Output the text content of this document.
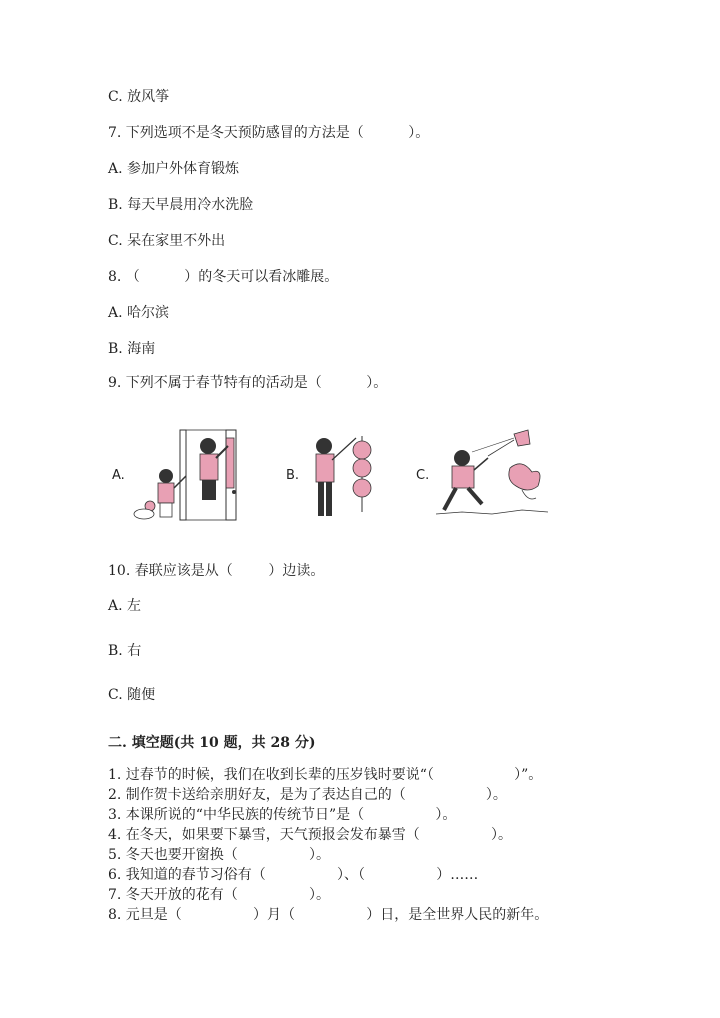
C. 放风筝
7. 下列选项不是冬天预防感冒的方法是（          ）。
A. 参加户外体育锻炼
B. 每天早晨用冷水洗脸
C. 呆在家里不外出
8. （          ）的冬天可以看冰雕展。
A. 哈尔滨
B. 海南
9. 下列不属于春节特有的活动是（          ）。
A.	B.	C.
10. 春联应该是从（        ）边读。
A. 左
B. 右
C. 随便
二. 填空题(共 10 题，共 28 分)
1. 过春节的时候，我们在收到长辈的压岁钱时要说“（                  ）”。
2. 制作贺卡送给亲朋好友，是为了表达自己的（                  ）。
3. 本课所说的“中华民族的传统节日”是（                ）。
4. 在冬天，如果要下暴雪，天气预报会发布暴雪（                ）。
5. 冬天也要开窗换（                ）。
6. 我知道的春节习俗有（                ）、（                ）……
7. 冬天开放的花有（                ）。
8. 元旦是（                ）月（                ）日，是全世界人民的新年。
